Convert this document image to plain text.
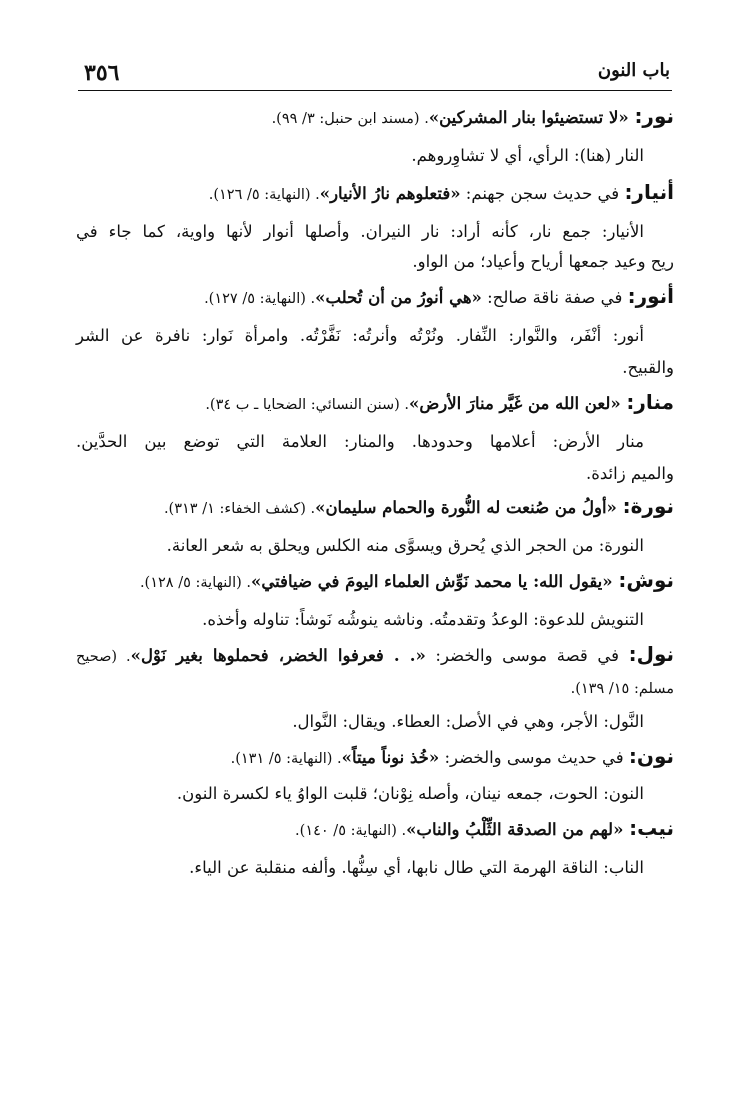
٣٥٦	باب النون
نور: «لا تستضيئوا بنار المشركين». (مسند ابن حنبل: ٣/ ٩٩).
النار (هنا): الرأي، أي لا تشاوِروهم.
أنيار: في حديث سجن جهنم: «فتعلوهم نارُ الأنيار». (النهاية: ٥/ ١٢٦).
الأنيار: جمع نار، كأنه أراد: نار النيران. وأصلها أنوار لأنها واوية، كما جاء في
ريح وعيد جمعها أرياح وأعياد؛ من الواو.
أنور: في صفة ناقة صالح: «هي أنورُ من أن تُحلب». (النهاية: ٥/ ١٢٧).
أنور: أنْفَر، والنَّوار: النِّفار. ونُرْتُه وأنرتُه: نَفَّرْتُه. وامرأة نَوار: نافرة عن الشر
والقبيح.
منار: «لعن الله من غَيَّر منارَ الأرض». (سنن النسائي: الضحايا ـ ب ٣٤).
منار الأرض: أعلامها وحدودها. والمنار: العلامة التي توضع بين الحدَّين.
والميم زائدة.
نورة: «أولُ من صُنعت له النُّورة والحمام سليمان». (كشف الخفاء: ١/ ٣١٣).
النورة: من الحجر الذي يُحرق ويسوَّى منه الكلس ويحلق به شعر العانة.
نوش: «يقول الله: يا محمد نَوِّش العلماء اليومَ في ضيافتي». (النهاية: ٥/ ١٢٨).
التنويش للدعوة: الوعدُ وتقدمتُه. وناشه ينوشُه نَوشاً: تناوله وأخذه.
نول: في قصة موسى والخضر: «. . فعرفوا الخضر، فحملوها بغير نَوْل». (صحيح
مسلم: ١٥/ ١٣٩).
النَّول: الأجر، وهي في الأصل: العطاء. ويقال: النَّوال.
نون: في حديث موسى والخضر: «خُذ نوناً ميتاً». (النهاية: ٥/ ١٣١).
النون: الحوت، جمعه نينان، وأصله نِوْنان؛ قلبت الواوُ ياء لكسرة النون.
نيب: «لهم من الصدقة الثِّلْبُ والناب». (النهاية: ٥/ ١٤٠).
الناب: الناقة الهرمة التي طال نابها، أي سِنُّها. وألفه منقلبة عن الياء.
